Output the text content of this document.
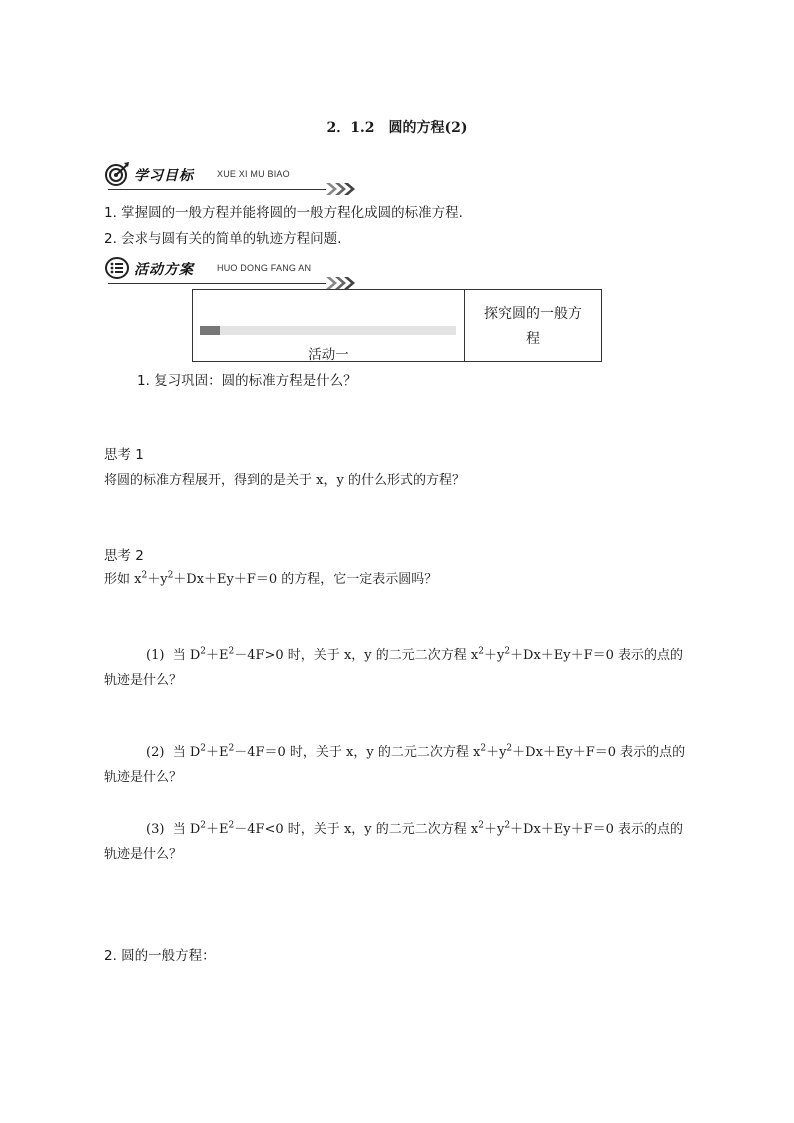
2．1.2　圆的方程(2)
学习目标	XUE XI MU BIAO
1. 掌握圆的一般方程并能将圆的一般方程化成圆的标准方程.
2. 会求与圆有关的简单的轨迹方程问题.
活动方案	HUO DONG FANG AN
活动一
探究圆的一般方
程
1. 复习巩固：圆的标准方程是什么？
思考 1
将圆的标准方程展开，得到的是关于 x，y 的什么形式的方程？
思考 2
形如 $x^2+y^2+Dx+Ey+F=0$ 的方程，它一定表示圆吗？
(1) 当 $D^2+E^2-4F>0$ 时，关于 x，y 的二元二次方程 $x^2+y^2+Dx+Ey+F=0$ 表示的点的
轨迹是什么？
(2) 当 $D^2+E^2-4F=0$ 时，关于 x，y 的二元二次方程 $x^2+y^2+Dx+Ey+F=0$ 表示的点的
轨迹是什么？
(3) 当 $D^2+E^2-4F<0$ 时，关于 x，y 的二元二次方程 $x^2+y^2+Dx+Ey+F=0$ 表示的点的
轨迹是什么？
2. 圆的一般方程：
